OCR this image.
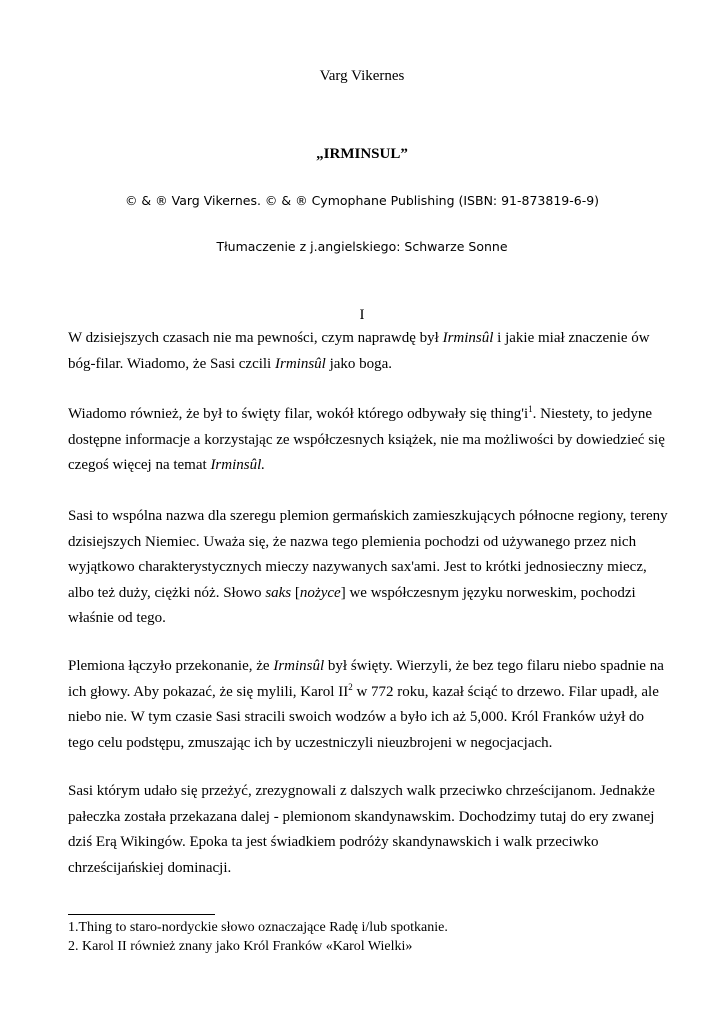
Varg Vikernes
„IRMINSUL”
© & ® Varg Vikernes. © & ® Cymophane Publishing (ISBN: 91-873819-6-9)
Tłumaczenie z j.angielskiego: Schwarze Sonne
I
W dzisiejszych czasach nie ma pewności, czym naprawdę był Irminsûl i jakie miał znaczenie ów
bóg-filar. Wiadomo, że Sasi czcili Irminsûl jako boga.
Wiadomo również, że był to święty filar, wokół którego odbywały się $thing'i^1$. Niestety, to jedyne
dostępne informacje a korzystając ze współczesnych książek, nie ma możliwości by dowiedzieć się
czegoś więcej na temat Irminsûl.
Sasi to wspólna nazwa dla szeregu plemion germańskich zamieszkujących północne regiony, tereny
dzisiejszych Niemiec. Uważa się, że nazwa tego plemienia pochodzi od używanego przez nich
wyjątkowo charakterystycznych mieczy nazywanych sax'ami. Jest to krótki jednosieczny miecz,
albo też duży, ciężki nóż. Słowo saks [nożyce] we współczesnym języku norweskim, pochodzi
właśnie od tego.
Plemiona łączyło przekonanie, że Irminsûl był święty. Wierzyli, że bez tego filaru niebo spadnie na
ich głowy. Aby pokazać, że się mylili, Karol $II^2$ w 772 roku, kazał ściąć to drzewo. Filar upadł, ale
niebo nie. W tym czasie Sasi stracili swoich wodzów a było ich aż 5,000. Król Franków użył do
tego celu podstępu, zmuszając ich by uczestniczyli nieuzbrojeni w negocjacjach.
Sasi którym udało się przeżyć, zrezygnowali z dalszych walk przeciwko chrześcijanom. Jednakże
pałeczka została przekazana dalej - plemionom skandynawskim. Dochodzimy tutaj do ery zwanej
dziś Erą Wikingów. Epoka ta jest świadkiem podróży skandynawskich i walk przeciwko
chrześcijańskiej dominacji.
1.Thing to staro-nordyckie słowo oznaczające Radę i/lub spotkanie.
2. Karol II również znany jako Król Franków «Karol Wielki»
